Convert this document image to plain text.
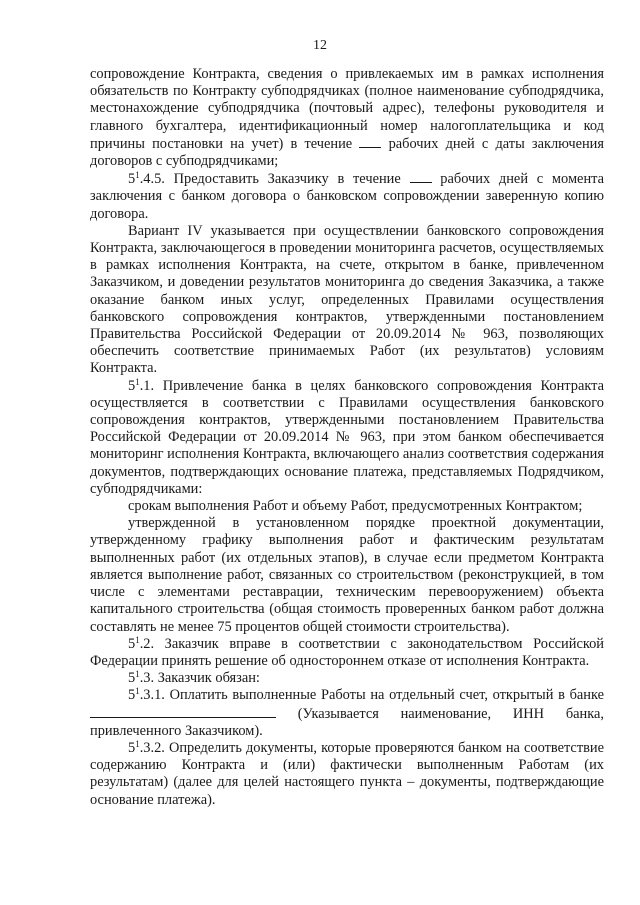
12

сопровождение Контракта, сведения о привлекаемых им в рамках исполнения обязательств по Контракту субподрядчиках (полное наименование субподрядчика, местонахождение субподрядчика (почтовый адрес), телефоны руководителя и главного бухгалтера, идентификационный номер налогоплательщика и код причины постановки на учет) в течение	рабочих дней с даты заключения договоров с субподрядчиками;

$5^1.4.5$. Предоставить Заказчику в течение	рабочих дней с момента заключения с банком договора о банковском сопровождении заверенную копию договора.

Вариант IV указывается при осуществлении банковского сопровождения Контракта, заключающегося в проведении мониторинга расчетов, осуществляемых в рамках исполнения Контракта, на счете, открытом в банке, привлеченном Заказчиком, и доведении результатов мониторинга до сведения Заказчика, а также оказание банком иных услуг, определенных Правилами осуществления банковского сопровождения контрактов, утвержденными постановлением Правительства Российской Федерации от 20.09.2014 № 963, позволяющих обеспечить соответствие принимаемых Работ (их результатов) условиям Контракта.

$5^1.1$. Привлечение банка в целях банковского сопровождения Контракта осуществляется в соответствии с Правилами осуществления банковского сопровождения контрактов, утвержденными постановлением Правительства Российской Федерации от 20.09.2014 № 963, при этом банком обеспечивается мониторинг исполнения Контракта, включающего анализ соответствия содержания документов, подтверждающих основание платежа, представляемых Подрядчиком, субподрядчиками:

срокам выполнения Работ и объему Работ, предусмотренных Контрактом;

утвержденной в установленном порядке проектной документации, утвержденному графику выполнения работ и фактическим результатам выполненных работ (их отдельных этапов), в случае если предметом Контракта является выполнение работ, связанных со строительством (реконструкцией, в том числе с элементами реставрации, техническим перевооружением) объекта капитального строительства (общая стоимость проверенных банком работ должна составлять не менее 75 процентов общей стоимости строительства).

$5^1.2$. Заказчик вправе в соответствии с законодательством Российской Федерации принять решение об одностороннем отказе от исполнения Контракта.

$5^1.3$. Заказчик обязан:

$5^1.3.1$. Оплатить выполненные Работы на отдельный счет, открытый в банке  (Указывается наименование, ИНН банка, привлеченного Заказчиком).

$5^1.3.2$. Определить документы, которые проверяются банком на соответствие содержанию Контракта и (или) фактически выполненным Работам (их результатам) (далее для целей настоящего пункта – документы, подтверждающие основание платежа).
